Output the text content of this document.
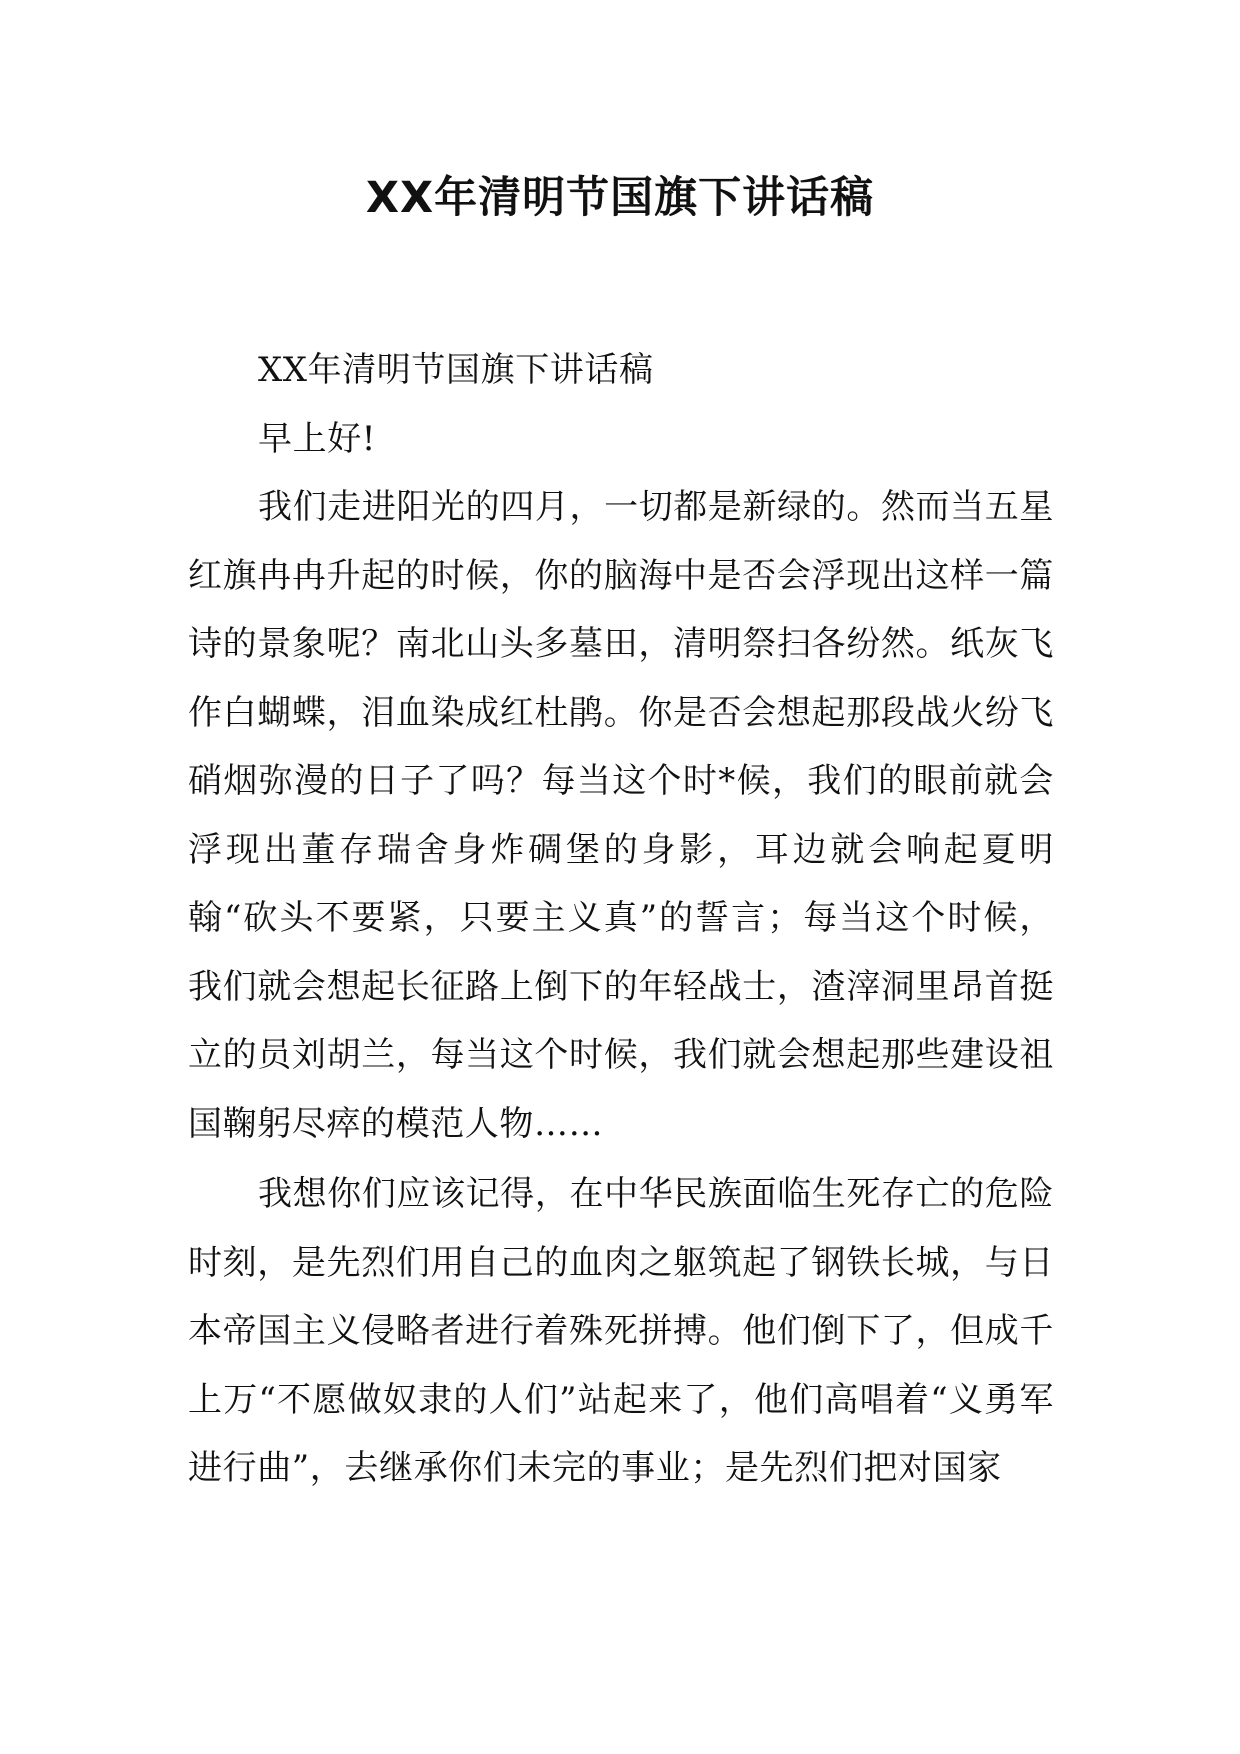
XX年清明节国旗下讲话稿

XX年清明节国旗下讲话稿

早上好!

我们走进阳光的四月，一切都是新绿的。然而当五星红旗冉冉升起的时候，你的脑海中是否会浮现出这样一篇诗的景象呢？南北山头多墓田，清明祭扫各纷然。纸灰飞作白蝴蝶，泪血染成红杜鹃。你是否会想起那段战火纷飞硝烟弥漫的日子了吗？每当这个时*候，我们的眼前就会浮现出董存瑞舍身炸碉堡的身影，耳边就会响起夏明翰“砍头不要紧，只要主义真”的誓言；每当这个时候，我们就会想起长征路上倒下的年轻战士，渣滓洞里昂首挺立的员刘胡兰，每当这个时候，我们就会想起那些建设祖国鞠躬尽瘁的模范人物……

我想你们应该记得，在中华民族面临生死存亡的危险时刻，是先烈们用自己的血肉之躯筑起了钢铁长城，与日本帝国主义侵略者进行着殊死拼搏。他们倒下了，但成千上万“不愿做奴隶的人们”站起来了，他们高唱着“义勇军进行曲”，去继承你们未完的事业；是先烈们把对国家
